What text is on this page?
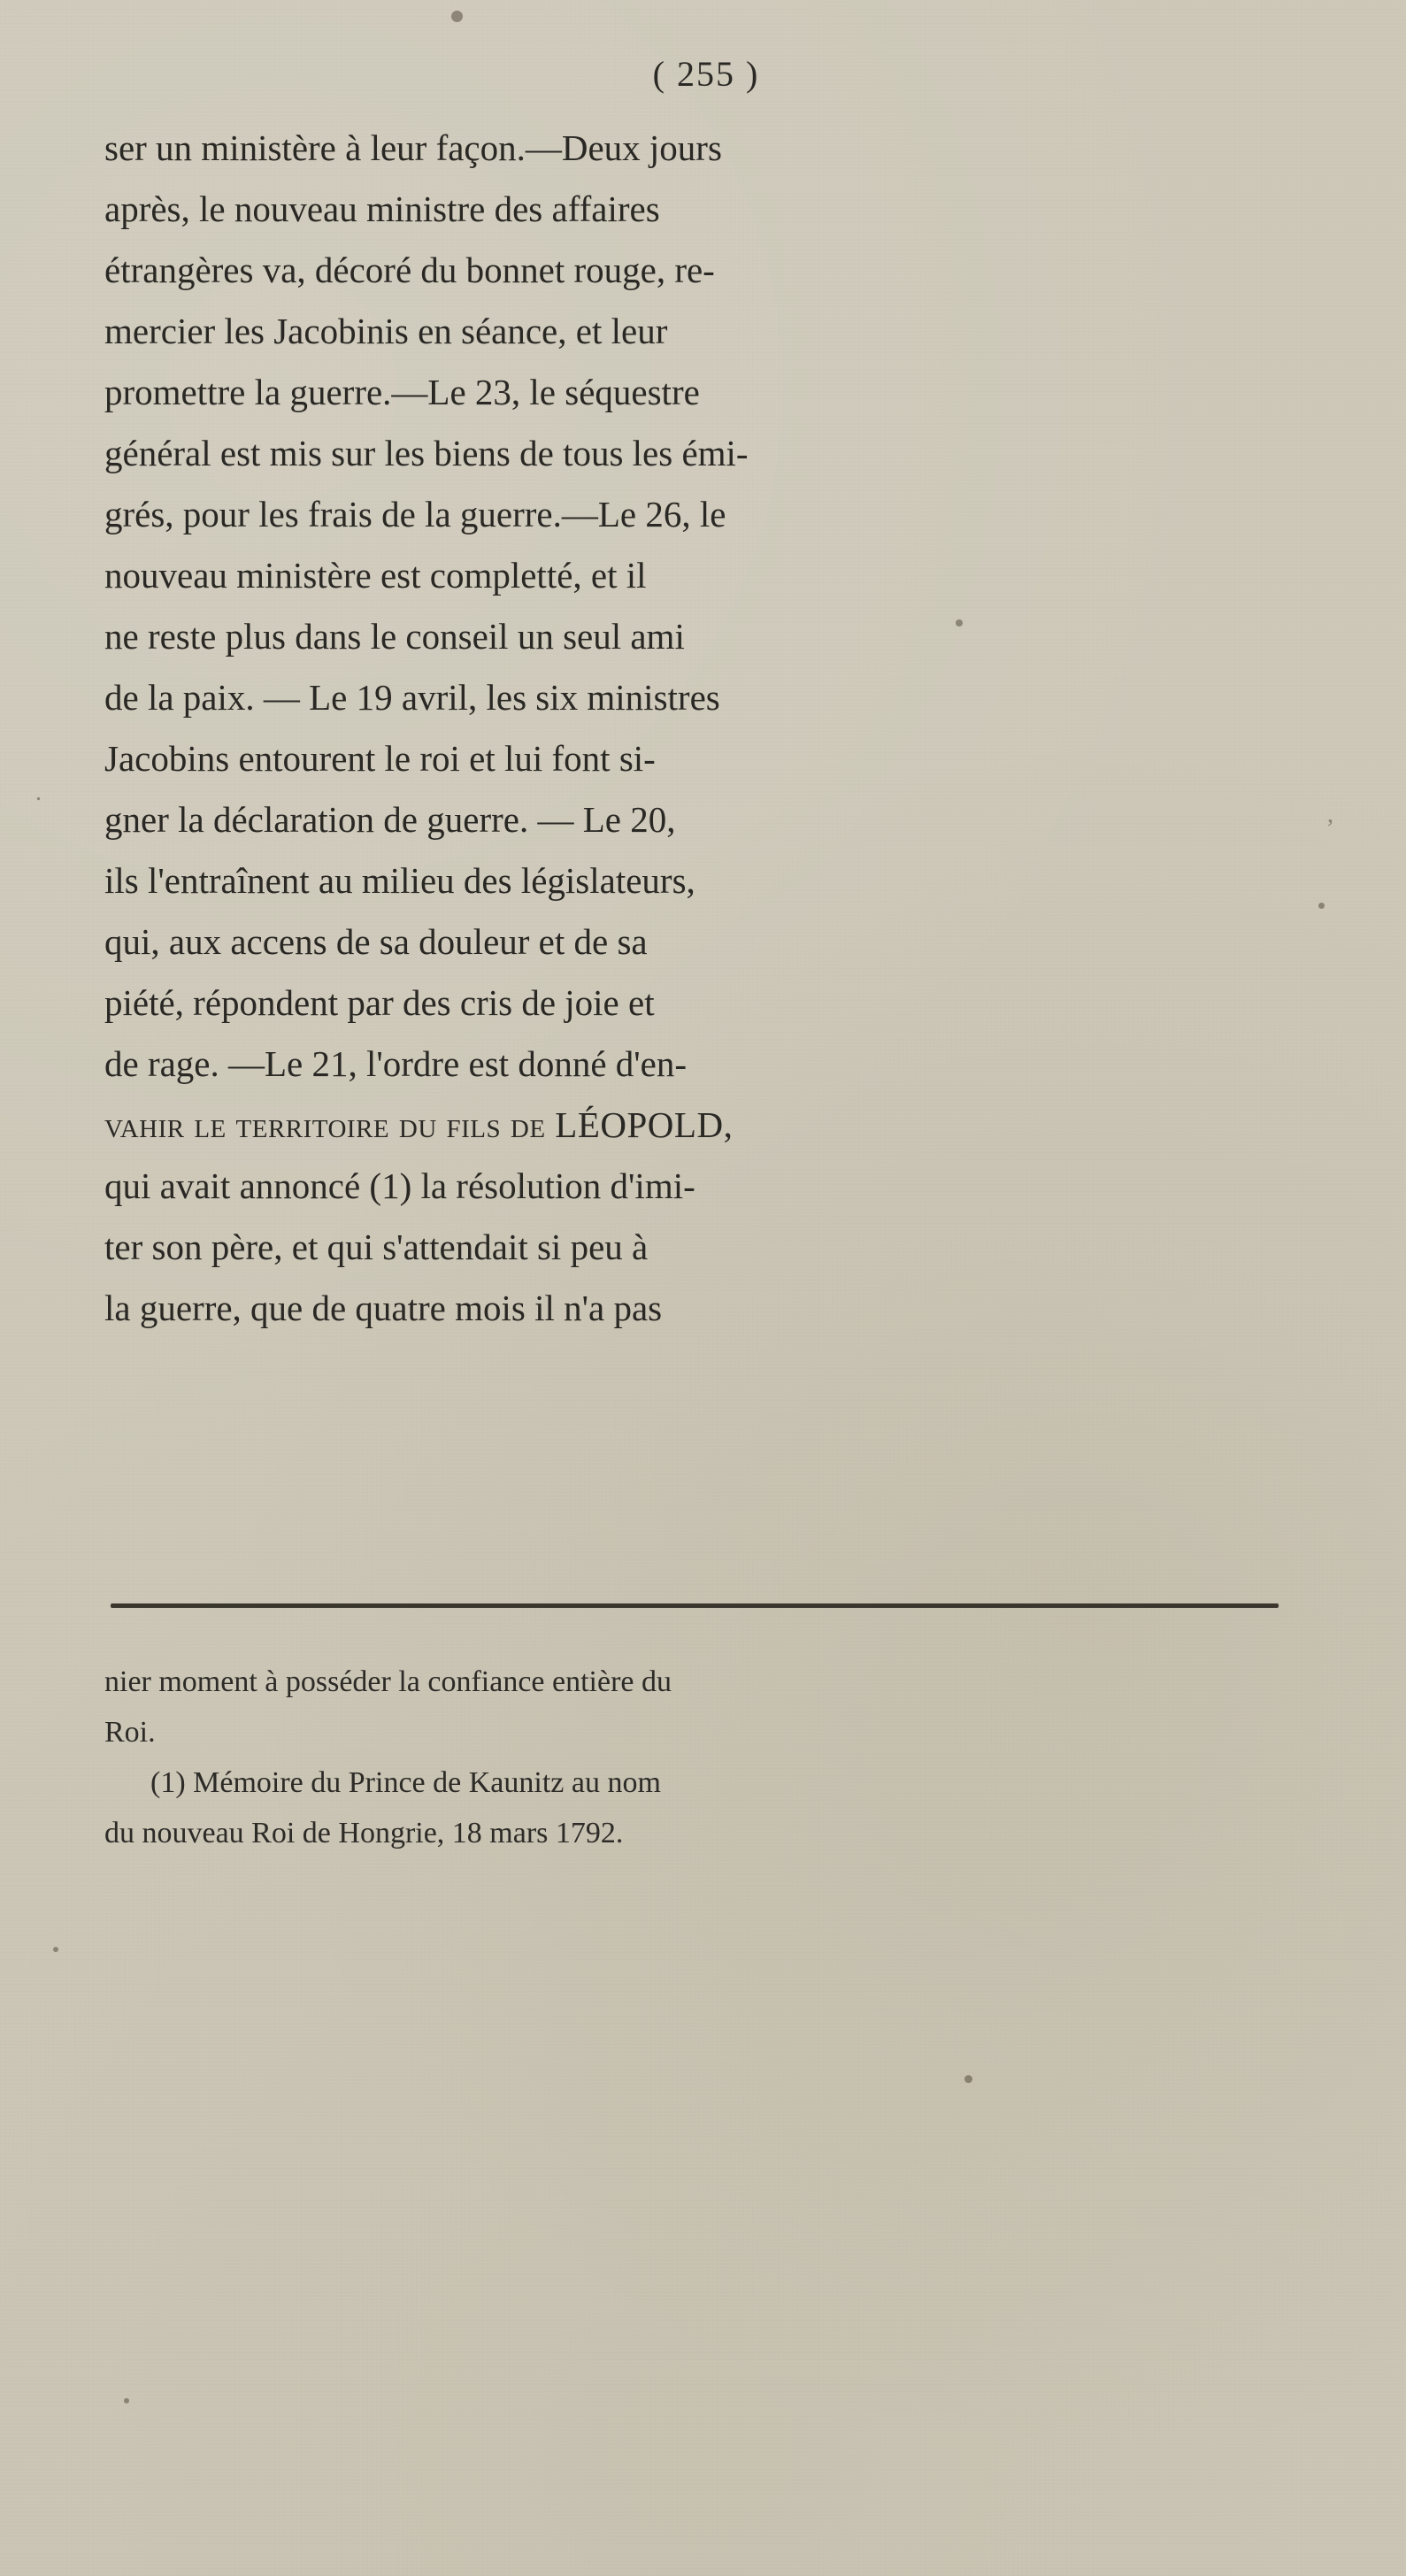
,
.
( 255 )
ser un ministère à leur façon.—Deux jours
après, le nouveau ministre des affaires
étrangères va, décoré du bonnet rouge, re-
mercier les Jacobinis en séance, et leur
promettre la guerre.—Le 23, le séquestre
général est mis sur les biens de tous les émi-
grés, pour les frais de la guerre.—Le 26, le
nouveau ministère est completté, et il
ne reste plus dans le conseil un seul ami
de la paix. — Le 19 avril, les six ministres
Jacobins entourent le roi et lui font si-
gner la déclaration de guerre. — Le 20,
ils l'entraînent au milieu des législateurs,
qui, aux accens de sa douleur et de sa
piété, répondent par des cris de joie et
de rage. —Le 21, l'ordre est donné d'en-
vahir le territoire du fils de LÉOPOLD,
qui avait annoncé (1) la résolution d'imi-
ter son père, et qui s'attendait si peu à
la guerre, que de quatre mois il n'a pas
nier moment à posséder la confiance entière du
Roi.
(1) Mémoire du Prince de Kaunitz au nom
du nouveau Roi de Hongrie, 18 mars 1792.
